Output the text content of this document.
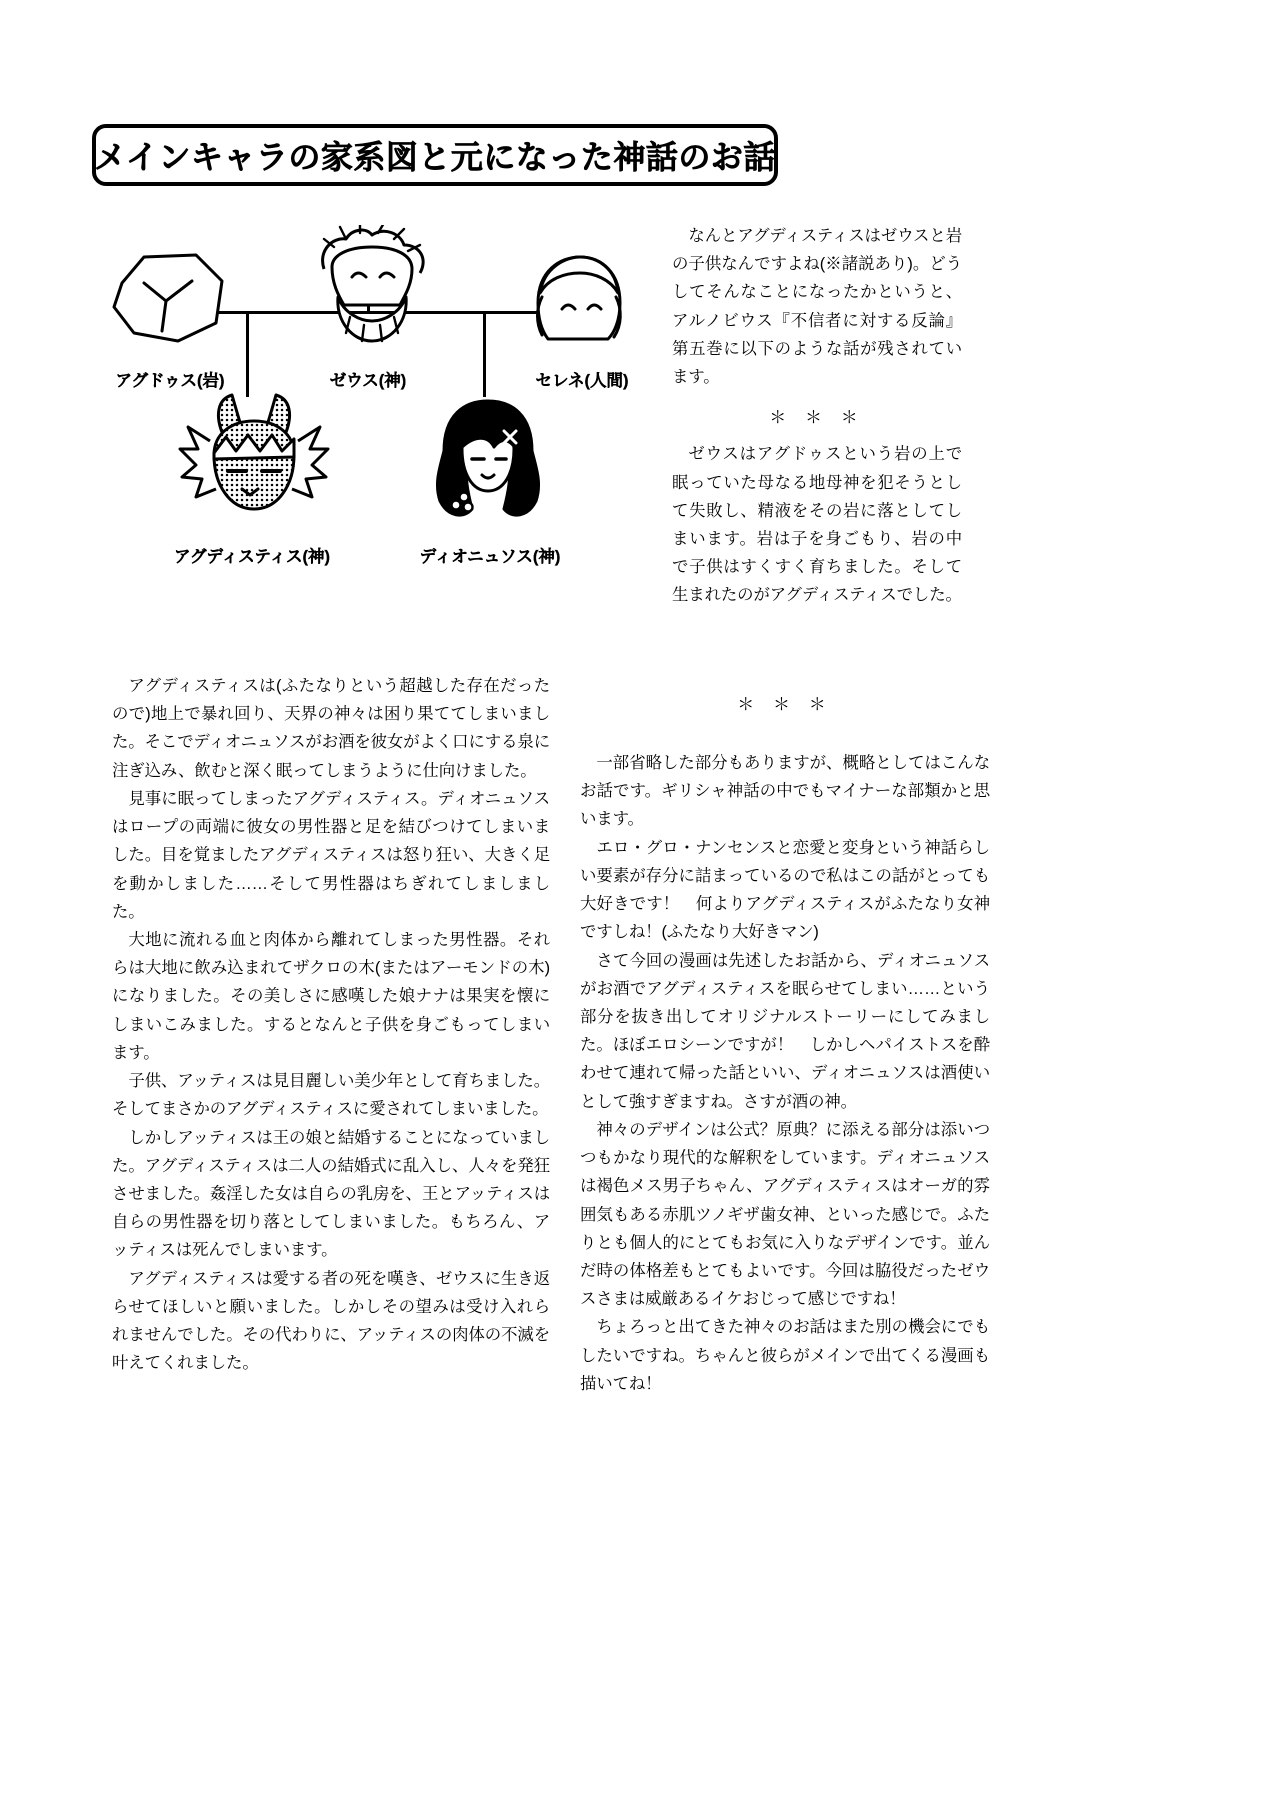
メインキャラの家系図と元になった神話のお話
アグドゥス(岩)	ゼウス(神)	セレネ(人間)
アグディスティス(神)	ディオニュソス(神)

なんとアグディスティスはゼウスと岩の子供なんですよね(※諸説あり)。どうしてそんなことになったかというと、アルノビウス『不信者に対する反論』第五巻に以下のような話が残されています。

＊ ＊ ＊

ゼウスはアグドゥスという岩の上で眠っていた母なる地母神を犯そうとして失敗し、精液をその岩に落としてしまいます。岩は子を身ごもり、岩の中で子供はすくすく育ちました。そして生まれたのがアグディスティスでした。

アグディスティスは(ふたなりという超越した存在だったので)地上で暴れ回り、天界の神々は困り果ててしまいました。そこでディオニュソスがお酒を彼女がよく口にする泉に注ぎ込み、飲むと深く眠ってしまうように仕向けました。

見事に眠ってしまったアグディスティス。ディオニュソスはロープの両端に彼女の男性器と足を結びつけてしまいました。目を覚ましたアグディスティスは怒り狂い、大きく足を動かしました……そして男性器はちぎれてしましました。

大地に流れる血と肉体から離れてしまった男性器。それらは大地に飲み込まれてザクロの木(またはアーモンドの木)になりました。その美しさに感嘆した娘ナナは果実を懐にしまいこみました。するとなんと子供を身ごもってしまいます。

子供、アッティスは見目麗しい美少年として育ちました。そしてまさかのアグディスティスに愛されてしまいました。

しかしアッティスは王の娘と結婚することになっていました。アグディスティスは二人の結婚式に乱入し、人々を発狂させました。姦淫した女は自らの乳房を、王とアッティスは自らの男性器を切り落としてしまいました。もちろん、アッティスは死んでしまいます。

アグディスティスは愛する者の死を嘆き、ゼウスに生き返らせてほしいと願いました。しかしその望みは受け入れられませんでした。その代わりに、アッティスの肉体の不滅を叶えてくれました。

＊ ＊ ＊

一部省略した部分もありますが、概略としてはこんなお話です。ギリシャ神話の中でもマイナーな部類かと思います。

エロ・グロ・ナンセンスと恋愛と変身という神話らしい要素が存分に詰まっているので私はこの話がとっても大好きです！　何よりアグディスティスがふたなり女神ですしね！(ふたなり大好きマン)

さて今回の漫画は先述したお話から、ディオニュソスがお酒でアグディスティスを眠らせてしまい……という部分を抜き出してオリジナルストーリーにしてみました。ほぼエロシーンですが！　しかしヘパイストスを酔わせて連れて帰った話といい、ディオニュソスは酒使いとして強すぎますね。さすが酒の神。

神々のデザインは公式？原典？に添える部分は添いつつもかなり現代的な解釈をしています。ディオニュソスは褐色メス男子ちゃん、アグディスティスはオーガ的雰囲気もある赤肌ツノギザ歯女神、といった感じで。ふたりとも個人的にとてもお気に入りなデザインです。並んだ時の体格差もとてもよいです。今回は脇役だったゼウスさまは威厳あるイケおじって感じですね！

ちょろっと出てきた神々のお話はまた別の機会にでもしたいですね。ちゃんと彼らがメインで出てくる漫画も描いてね！
